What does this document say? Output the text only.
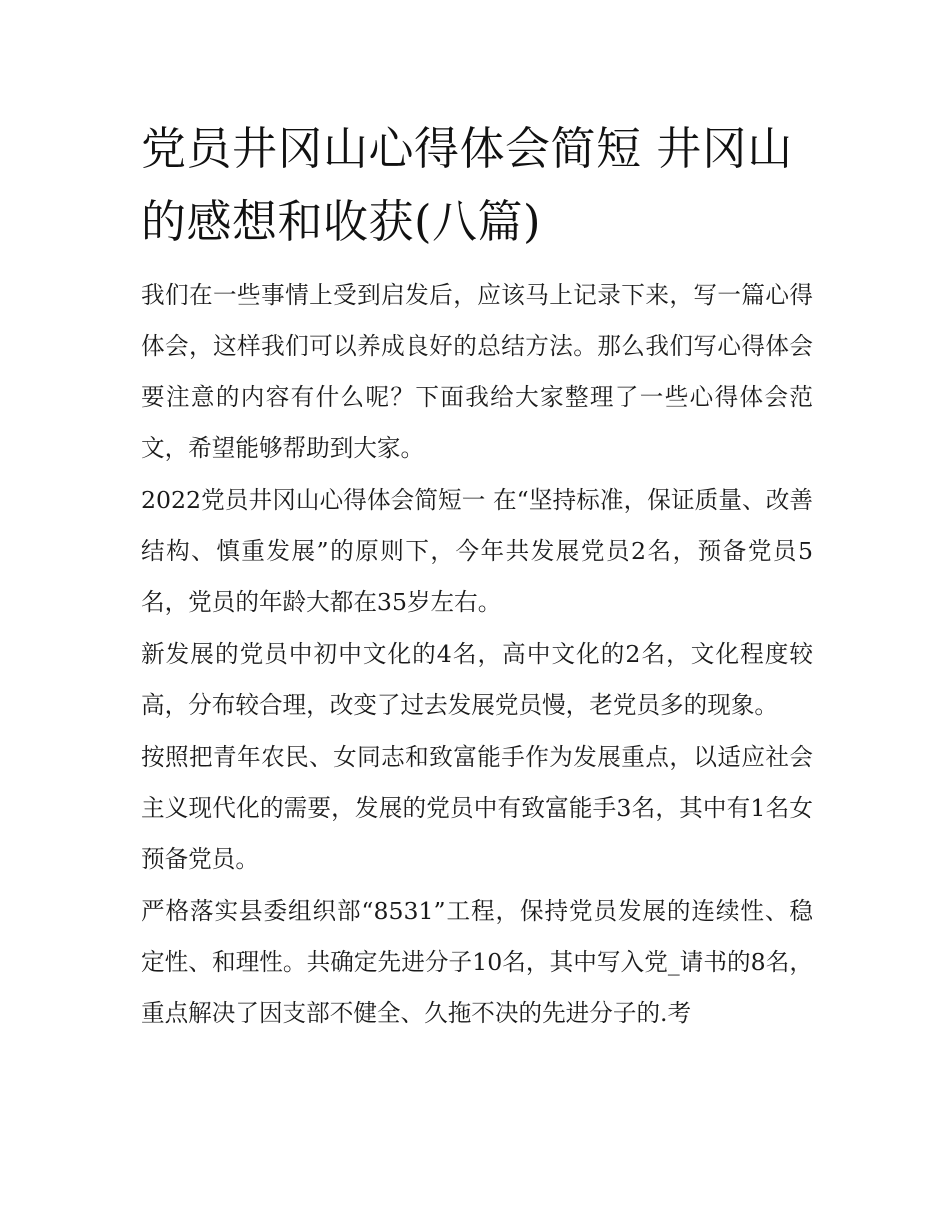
党员井冈山心得体会简短 井冈山的感想和收获(八篇)

我们在一些事情上受到启发后，应该马上记录下来，写一篇心得体会，这样我们可以养成良好的总结方法。那么我们写心得体会要注意的内容有什么呢？下面我给大家整理了一些心得体会范文，希望能够帮助到大家。

2022党员井冈山心得体会简短一 在“坚持标准，保证质量、改善结构、慎重发展”的原则下，今年共发展党员2名，预备党员5名，党员的年龄大都在35岁左右。

新发展的党员中初中文化的4名，高中文化的2名，文化程度较高，分布较合理，改变了过去发展党员慢，老党员多的现象。

按照把青年农民、女同志和致富能手作为发展重点，以适应社会主义现代化的需要，发展的党员中有致富能手3名，其中有1名女预备党员。

严格落实县委组织部“8531”工程，保持党员发展的连续性、稳定性、和理性。共确定先进分子10名，其中写入党_请书的8名，重点解决了因支部不健全、久拖不决的先进分子的.考
